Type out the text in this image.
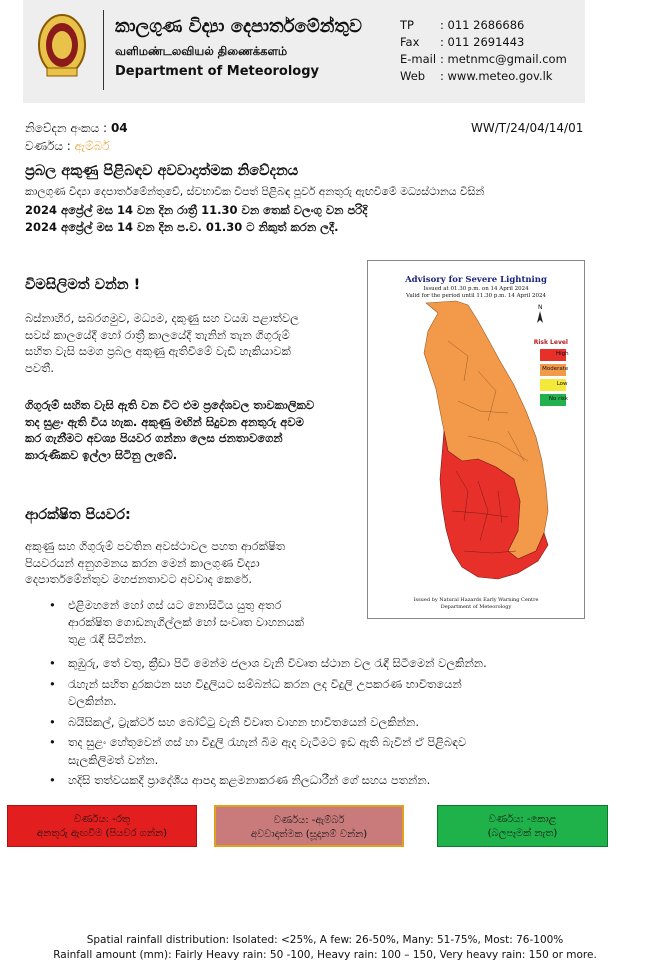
කාලගුණ විද්‍යා දෙපාර්තමේන්තුව
வளிமண்டலவியல் திணைக்களம்
Department of Meteorology
TP	: 011 2686686
Fax	: 011 2691443
E-mail : metnmc@gmail.com
Web	: www.meteo.gov.lk
නිවේදන අංකය : 04	WW/T/24/04/14/01
වර්ණය : ඇම්බර්
ප්‍රබල අකුණු පිළිබඳව අවවාදාත්මක නිවේදනය
කාලගුණ විද්‍යා දෙපාර්තමේන්තුවේ, ස්වභාවික විපත් පිළිබඳ පූර්ව අනතුරු ඇඟවීමේ මධ්‍යස්ථානය විසින්
2024 අප්‍රේල් මස 14 වන දින රාත්‍රී 11.30 වන තෙක් වලංගු වන පරිදි
2024 අප්‍රේල් මස 14 වන දින ප.ව. 01.30 ට නිකුත් කරන ලදී.
විමසිලිමත් වන්න !
බස්නාහිර, සබරගමුව, මධ්‍යම, දකුණු සහ වයඹ පළාත්වල
සවස් කාලයේදී හෝ රාත්‍රී කාලයේදී තැනින් තැන ගිගුරුම්
සහිත වැසි සමග ප්‍රබල අකුණු ඇතිවීමේ වැඩි හැකියාවක්
පවතී.
ගිගුරුම් සහිත වැසි ඇති වන විට එම ප්‍රදේශවල තාවකාලිකව
තද සුළං ඇති විය හැක. අකුණු මඟින් සිදුවන අනතුරු අවම
කර ගැනීමට අවශ්‍ය පියවර ගන්නා ලෙස ජනතාවගෙන්
කාරුණිකව ඉල්ලා සිටිනු ලැබේ.
ආරක්ෂිත පියවර:
අකුණු සහ ගිගුරුම් පවතින අවස්ථාවල පහත ආරක්ෂිත
පියවරයන් අනුගමනය කරන මෙන් කාලගුණ විද්‍යා
දෙපාර්තමේන්තුව මහජනතාවට අවවාද කෙරේ.
• එළිමහනේ හෝ ගස් යට නොසිටිය යුතු අතර
ආරක්ෂිත ගොඩනැගිල්ලක් හෝ සංවෘත වාහනයක්
තුළ රැඳී සිටින්න.
• කුඹුරු, තේ වතු, ක්‍රීඩා පිටි මෙන්ම ජලාශ වැනි විවෘත ස්ථාන වල රැඳී සිටීමෙන් වලකින්න.
• රැහැන් සහිත දුරකථන සහ විදුලියට සම්බන්ධ කරන ලද විදුලි උපකරණ භාවිතයෙන්
වලකින්න.
• බයිසිකල්, ට්‍රැක්ටර් සහ බෝට්ටු වැනි විවෘත වාහන භාවිතයෙන් වලකින්න.
• තද සුළං හේතුවෙන් ගස් හා විදුලි රැහැන් බිම ඇද වැටීමට ඉඩ ඇති බැවින් ඒ පිළිබඳව
සැලකිලිමත් වන්න.
• හදිසි තත්වයකදී ප්‍රාදේශීය ආපදා කළමනාකරණ නිලධාරීන් ගේ සහය පතන්න.
Advisory for Severe Lightning
Issued at 01.30 p.m. on 14 April 2024
Valid for the period until 11.30 p.m. 14 April 2024
N
Risk Level
High
Moderate
Low
No risk
Issued by Natural Hazards Early Warning Centre
Department of Meteorology
වර්ණය: -රතු
අනතුරු ඇඟවීම (පියවර ගන්න)
වර්ණය: -ඇම්බර්
අවවාදාත්මක (සූදානම් වන්න)
වර්ණය: -කොළ
(බලපෑමක් නැත)
Spatial rainfall distribution: Isolated: <25%, A few: 26-50%, Many: 51-75%, Most: 76-100%
Rainfall amount (mm): Fairly Heavy rain: 50 -100, Heavy rain: 100 – 150, Very heavy rain: 150 or more.
